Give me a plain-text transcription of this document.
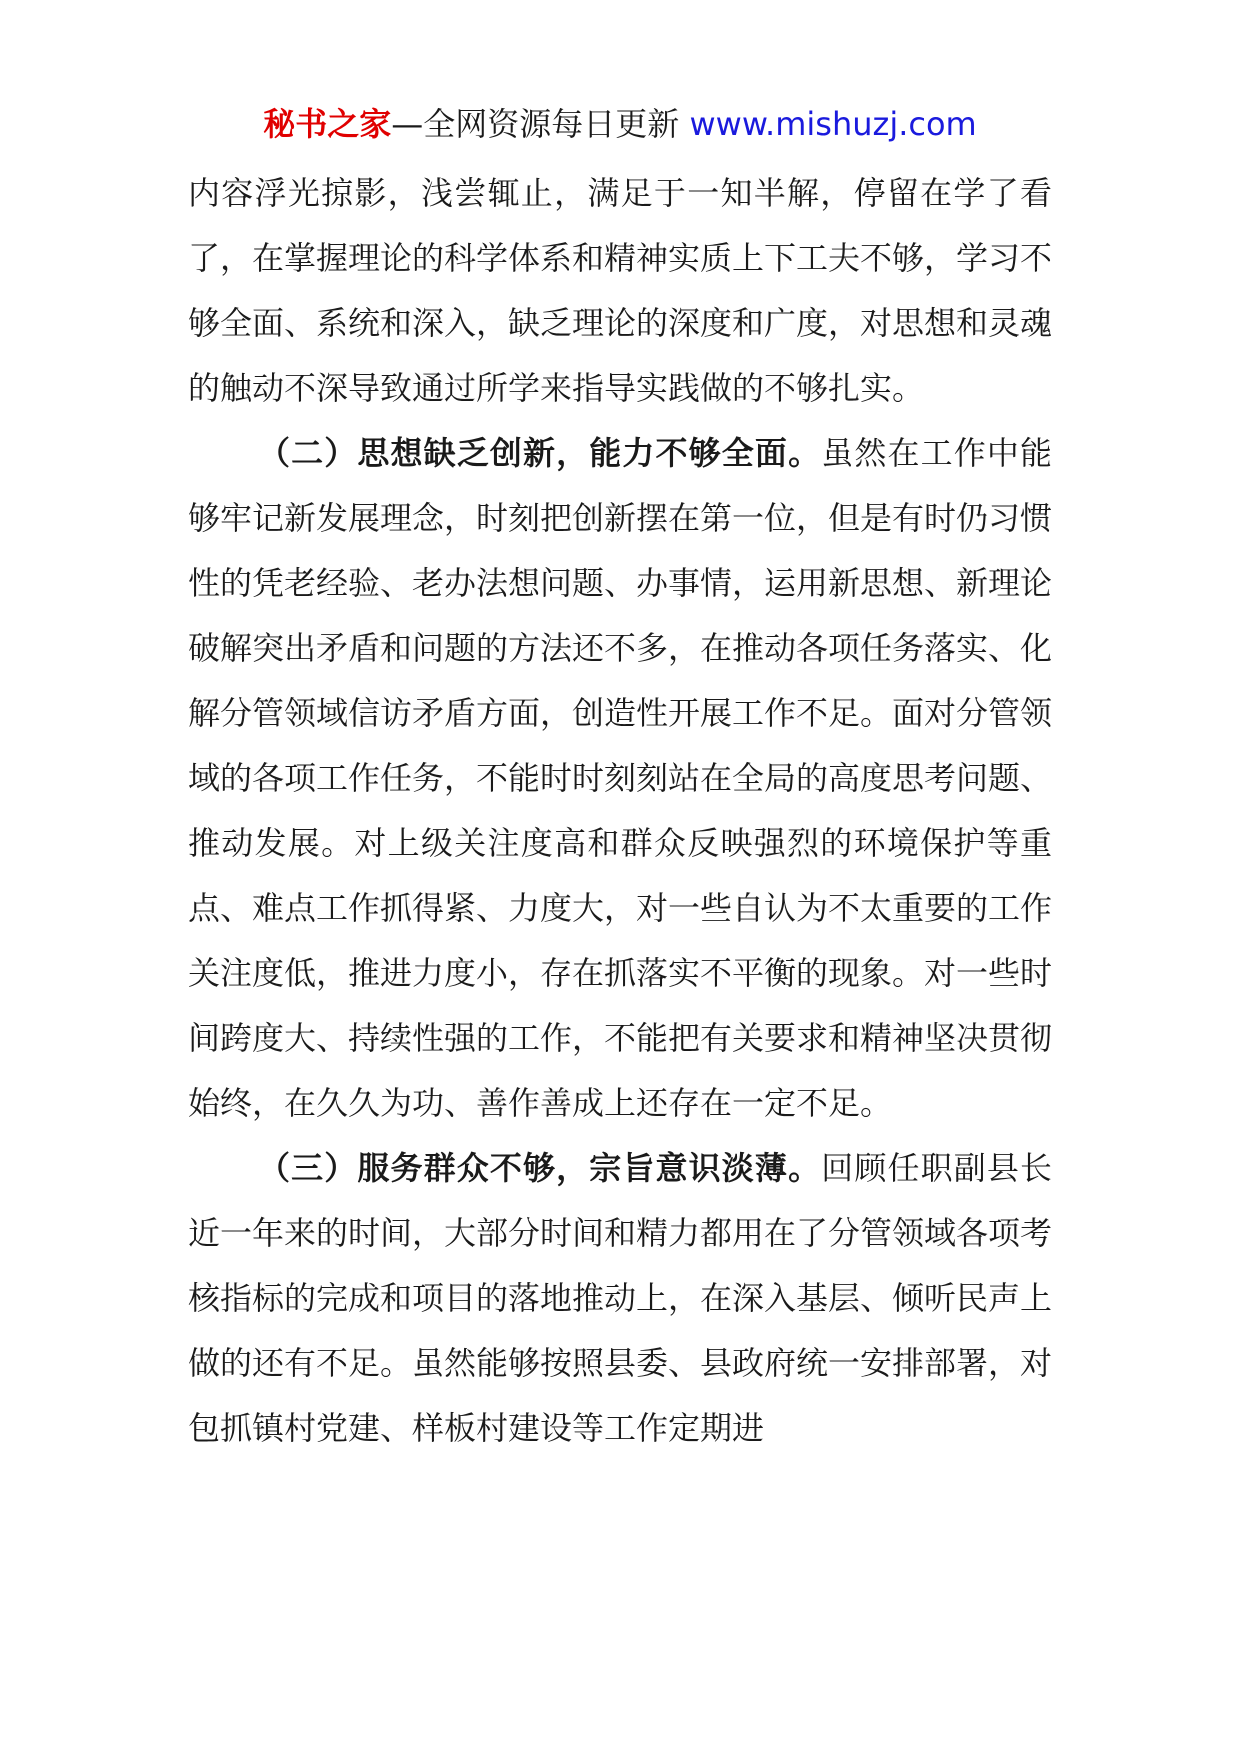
秘书之家—全网资源每日更新 www.mishuzj.com

内容浮光掠影，浅尝辄止，满足于一知半解，停留在学了看了，在掌握理论的科学体系和精神实质上下工夫不够，学习不够全面、系统和深入，缺乏理论的深度和广度，对思想和灵魂的触动不深导致通过所学来指导实践做的不够扎实。

（二）思想缺乏创新，能力不够全面。虽然在工作中能够牢记新发展理念，时刻把创新摆在第一位，但是有时仍习惯性的凭老经验、老办法想问题、办事情，运用新思想、新理论破解突出矛盾和问题的方法还不多，在推动各项任务落实、化解分管领域信访矛盾方面，创造性开展工作不足。面对分管领域的各项工作任务，不能时时刻刻站在全局的高度思考问题、推动发展。对上级关注度高和群众反映强烈的环境保护等重点、难点工作抓得紧、力度大，对一些自认为不太重要的工作关注度低，推进力度小，存在抓落实不平衡的现象。对一些时间跨度大、持续性强的工作，不能把有关要求和精神坚决贯彻始终，在久久为功、善作善成上还存在一定不足。

（三）服务群众不够，宗旨意识淡薄。回顾任职副县长近一年来的时间，大部分时间和精力都用在了分管领域各项考核指标的完成和项目的落地推动上，在深入基层、倾听民声上做的还有不足。虽然能够按照县委、县政府统一安排部署，对包抓镇村党建、样板村建设等工作定期进
